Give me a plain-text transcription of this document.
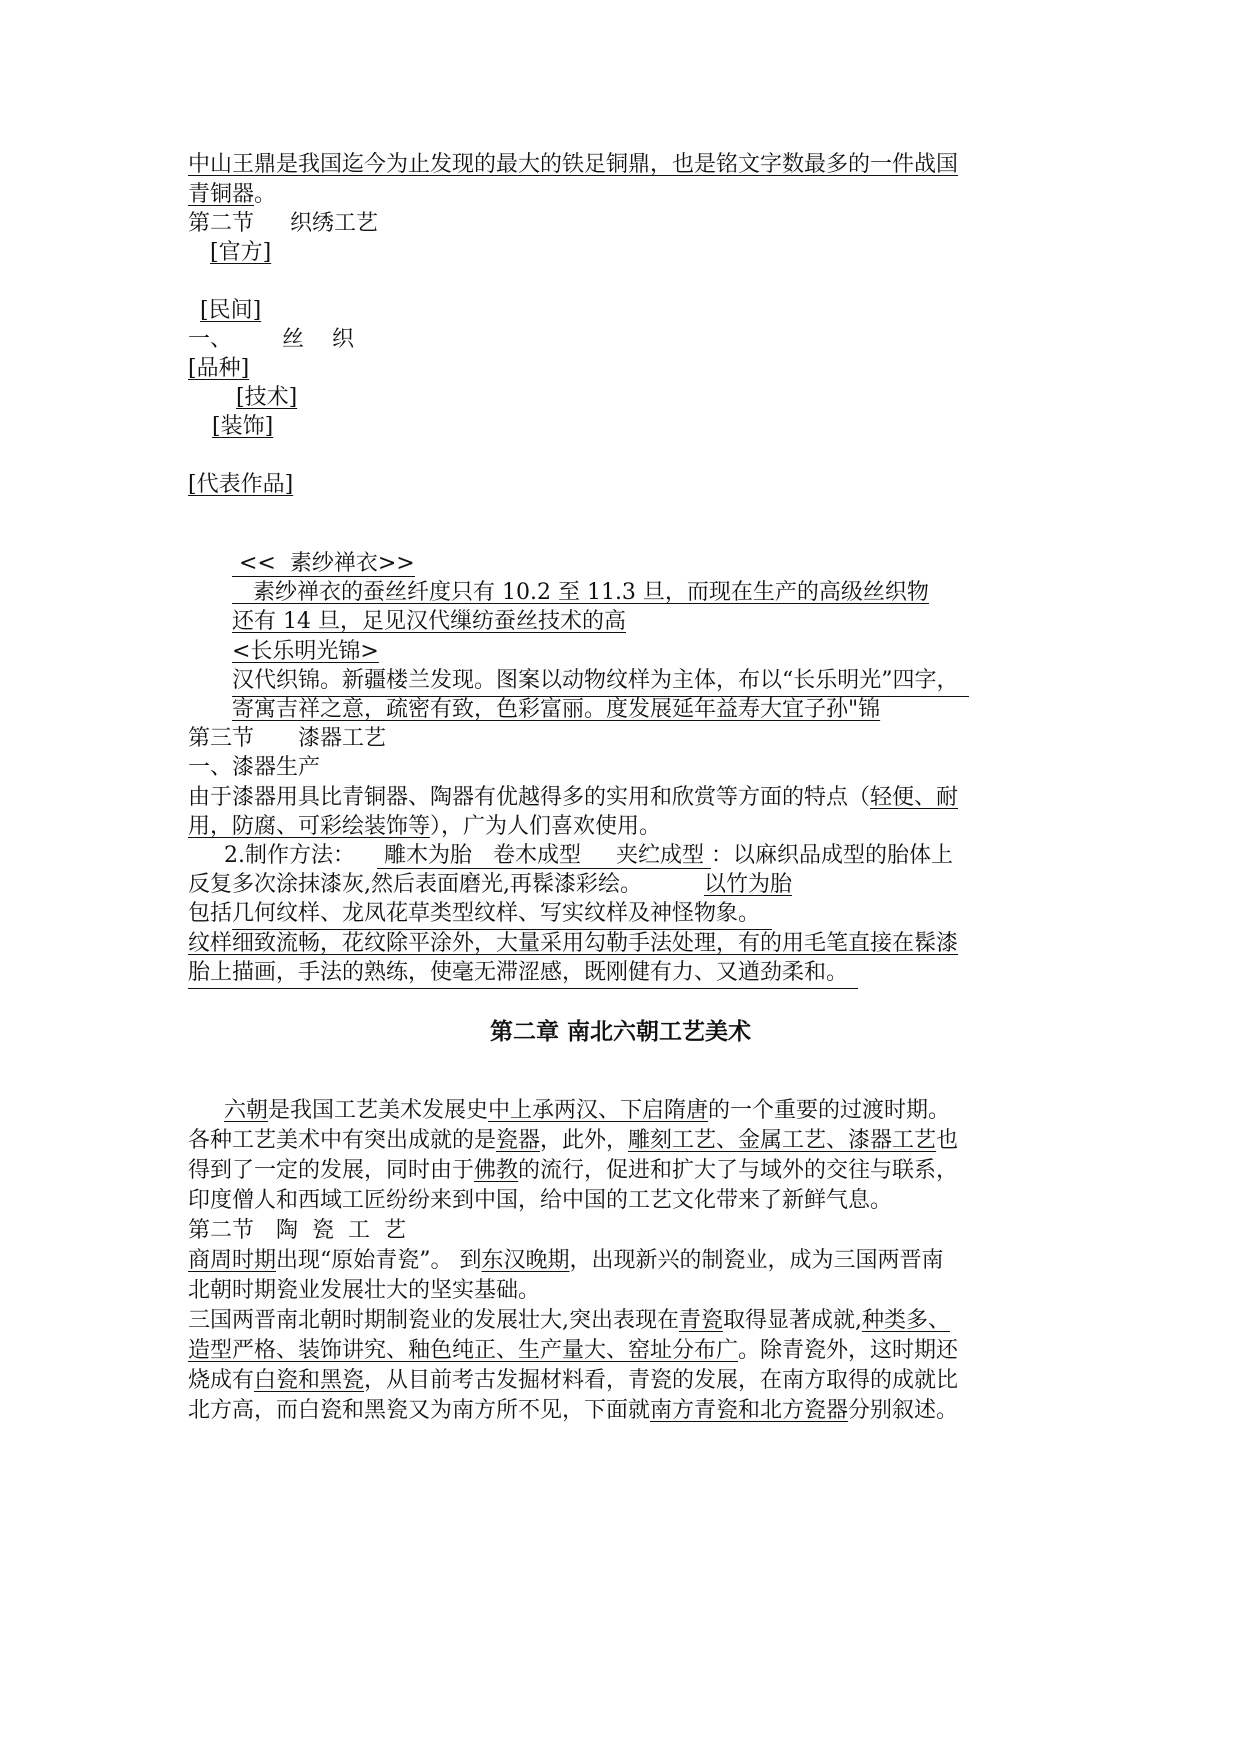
中山王鼎是我国迄今为止发现的最大的铁足铜鼎，也是铭文字数最多的一件战国
青铜器。
第二节 织绣工艺
[官方]
[民间]
一、 丝 织
[品种]
[技术]
[装饰]
[代表作品]
<<  素纱禅衣>>
素纱禅衣的蚕丝纤度只有 10.2 至 11.3 旦，而现在生产的高级丝织物
还有 14 旦，足见汉代缫纺蚕丝技术的高
<长乐明光锦>
汉代织锦。新疆楼兰发现。图案以动物纹样为主体，布以“长乐明光”四字，
寄寓吉祥之意，疏密有致，色彩富丽。度发展延年益寿大宜子孙"锦
第三节 漆器工艺
一、漆器生产
由于漆器用具比青铜器、陶器有优越得多的实用和欣赏等方面的特点（轻便、耐
用，防腐、可彩绘装饰等），广为人们喜欢使用。
2.制作方法： 雕木为胎   卷木成型     夹纻成型 ：以麻织品成型的胎体上
反复多次涂抹漆灰,然后表面磨光,再髹漆彩绘。	以竹为胎
包括几何纹样、龙凤花草类型纹样、写实纹样及神怪物象。
纹样细致流畅，花纹除平涂外，大量采用勾勒手法处理，有的用毛笔直接在髹漆
胎上描画，手法的熟练，使毫无滞涩感，既刚健有力、又遒劲柔和。
第二章 南北六朝工艺美术
六朝是我国工艺美术发展史中上承两汉、下启隋唐的一个重要的过渡时期。
各种工艺美术中有突出成就的是瓷器，此外，雕刻工艺、金属工艺、漆器工艺也
得到了一定的发展，同时由于佛教的流行，促进和扩大了与域外的交往与联系，
印度僧人和西域工匠纷纷来到中国，给中国的工艺文化带来了新鲜气息。
第二节 陶  瓷  工  艺
商周时期出现“原始青瓷”。 到东汉晚期，出现新兴的制瓷业，成为三国两晋南
北朝时期瓷业发展壮大的坚实基础。
三国两晋南北朝时期制瓷业的发展壮大,突出表现在青瓷取得显著成就,种类多、
造型严格、装饰讲究、釉色纯正、生产量大、窑址分布广。除青瓷外，这时期还
烧成有白瓷和黑瓷，从目前考古发掘材料看，青瓷的发展，在南方取得的成就比
北方高，而白瓷和黑瓷又为南方所不见，下面就南方青瓷和北方瓷器分别叙述。
